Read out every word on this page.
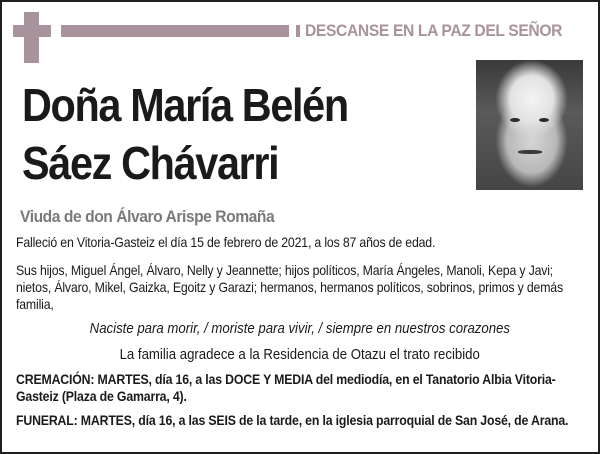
DESCANSE EN LA PAZ DEL SEÑOR
Doña María Belén
Sáez Chávarri
Viuda de don Álvaro Arispe Romaña
Falleció en Vitoria-Gasteiz el día 15 de febrero de 2021, a los 87 años de edad.
Sus hijos, Miguel Ángel, Álvaro, Nelly y Jeannette; hijos políticos, María Ángeles, Manoli, Kepa y Javi; nietos, Álvaro, Mikel, Gaizka, Egoitz y Garazi; hermanos, hermanos políticos, sobrinos, primos y demás familia,
Naciste para morir, / moriste para vivir, / siempre en nuestros corazones
La familia agradece a la Residencia de Otazu el trato recibido
CREMACIÓN: MARTES, día 16, a las DOCE Y MEDIA del mediodía, en el Tanatorio Albia Vitoria-Gasteiz (Plaza de Gamarra, 4).
FUNERAL: MARTES, día 16, a las SEIS de la tarde, en la iglesia parroquial de San José, de Arana.
